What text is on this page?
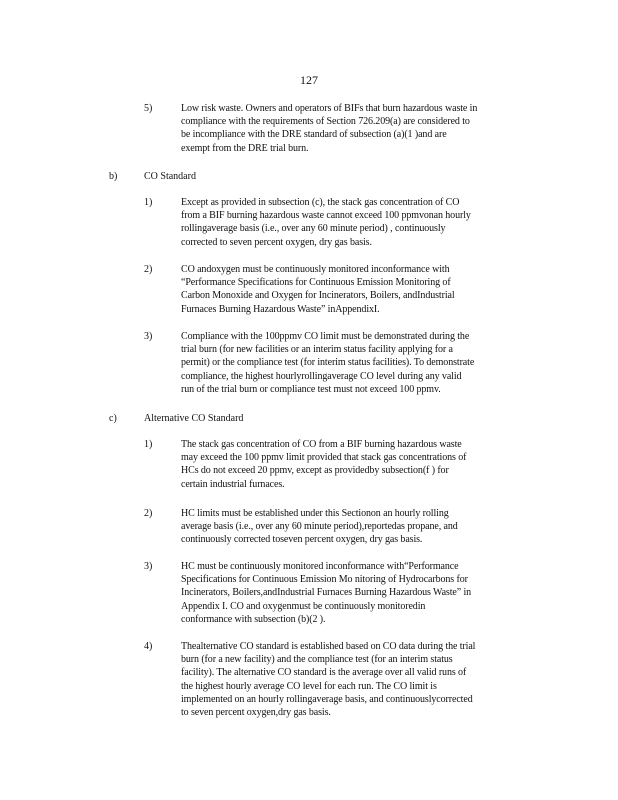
127
5)	Low risk waste. Owners and operators of BIFs that burn hazardous waste in
compliance with the requirements of Section 726.209(a) are considered to
be incompliance with the DRE standard of subsection (a)(1 )and are
exempt from the DRE trial burn.
b)	CO Standard
1)	Except as provided in subsection (c), the stack gas concentration of CO
from a BIF burning hazardous waste cannot exceed 100 ppmvonan hourly
rollingaverage basis (i.e., over any 60 minute period) , continuously
corrected to seven percent oxygen, dry gas basis.
2)	CO andoxygen must be continuously monitored inconformance with
“Performance Specifications for Continuous Emission Monitoring of
Carbon Monoxide and Oxygen for Incinerators, Boilers, andIndustrial
Furnaces Burning Hazardous Waste” inAppendixI.
3)	Compliance with the 100ppmv CO limit must be demonstrated during the
trial burn (for new facilities or an interim status facility applying for a
permit) or the compliance test (for interim status facilities). To demonstrate
compliance, the highest hourlyrollingaverage CO level during any valid
run of the trial burn or compliance test must not exceed 100 ppmv.
c)	Alternative CO Standard
1)	The stack gas concentration of CO from a BIF burning hazardous waste
may exceed the 100 ppmv limit provided that stack gas concentrations of
HCs do not exceed 20 ppmv, except as providedby subsection(f ) for
certain industrial furnaces.
2)	HC limits must be established under this Sectionon an hourly rolling
average basis (i.e., over any 60 minute period),reportedas propane, and
continuously corrected toseven percent oxygen, dry gas basis.
3)	HC must be continuously monitored inconformance with“Performance
Specifications for Continuous Emission Mo nitoring of Hydrocarbons for
Incinerators, Boilers,andIndustrial Furnaces Burning Hazardous Waste” in
Appendix I. CO and oxygenmust be continuously monitoredin
conformance with subsection (b)(2 ).
4)	Thealternative CO standard is established based on CO data during the trial
burn (for a new facility) and the compliance test (for an interim status
facility). The alternative CO standard is the average over all valid runs of
the highest hourly average CO level for each run. The CO limit is
implemented on an hourly rollingaverage basis, and continuouslycorrected
to seven percent oxygen,dry gas basis.
